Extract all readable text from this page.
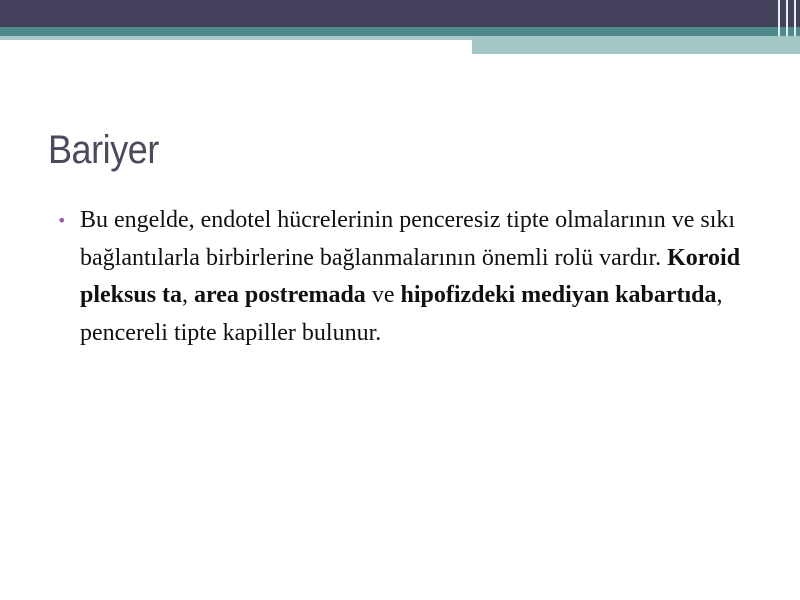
Bariyer
• Bu engelde, endotel hücrelerinin penceresiz tipte olmalarının ve sıkı bağlantılarla birbirlerine bağlanmalarının önemli rolü vardır. Koroid pleksus ta, area postremada ve hipofizdeki mediyan kabartıda, pencereli tipte kapiller bulunur.
